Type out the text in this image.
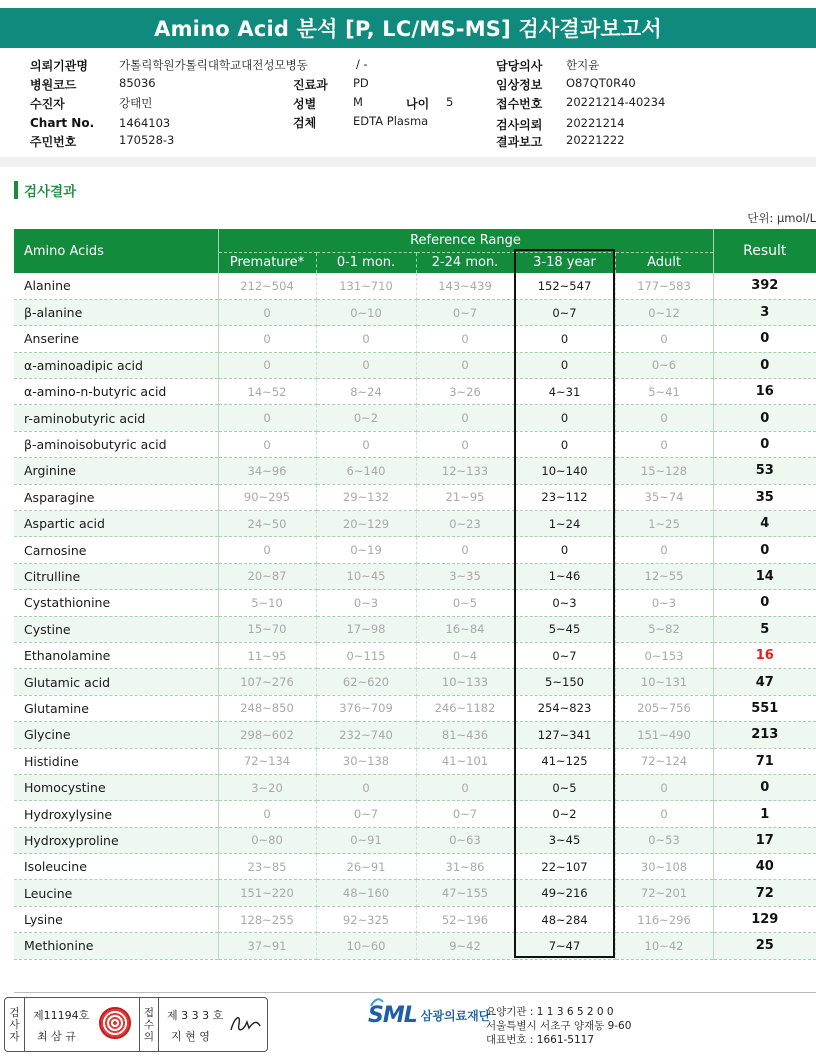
Amino Acid 분석 [P, LC/MS-MS] 검사결과보고서
의뢰기관명	가톨릭학원가톨릭대학교대전성모병동	/ -	담당의사 한지윤
병원코드	85036	진료과 PD	임상정보 O87QT0R40
수진자	강태민	성별	M	나이 5	접수번호 20221214-40234
Chart No. 1464103	검체	EDTA Plasma	검사의뢰 20221214
주민번호	170528-3	결과보고 20221222
검사결과
단위: μmol/L
Amino Acids	Reference Range					Result
	Premature*	0-1 mon.	2-24 mon.	3-18 year	Adult	
Alanine	212~504	131~710	143~439	152~547	177~583	392
β-alanine	0	0~10	0~7	0~7	0~12	3
Anserine	0	0	0	0	0	0
α-aminoadipic acid	0	0	0	0	0~6	0
α-amino-n-butyric acid	14~52	8~24	3~26	4~31	5~41	16
r-aminobutyric acid	0	0~2	0	0	0	0
β-aminoisobutyric acid	0	0	0	0	0	0
Arginine	34~96	6~140	12~133	10~140	15~128	53
Asparagine	90~295	29~132	21~95	23~112	35~74	35
Aspartic acid	24~50	20~129	0~23	1~24	1~25	4
Carnosine	0	0~19	0	0	0	0
Citrulline	20~87	10~45	3~35	1~46	12~55	14
Cystathionine	5~10	0~3	0~5	0~3	0~3	0
Cystine	15~70	17~98	16~84	5~45	5~82	5
Ethanolamine	11~95	0~115	0~4	0~7	0~153	16
Glutamic acid	107~276	62~620	10~133	5~150	10~131	47
Glutamine	248~850	376~709	246~1182	254~823	205~756	551
Glycine	298~602	232~740	81~436	127~341	151~490	213
Histidine	72~134	30~138	41~101	41~125	72~124	71
Homocystine	3~20	0	0	0~5	0	0
Hydroxylysine	0	0~7	0~7	0~2	0	1
Hydroxyproline	0~80	0~91	0~63	3~45	0~53	17
Isoleucine	23~85	26~91	31~86	22~107	30~108	40
Leucine	151~220	48~160	47~155	49~216	72~201	72
Lysine	128~255	92~325	52~196	48~284	116~296	129
Methionine	37~91	10~60	9~42	7~47	10~42	25
검
사
자
제11194호
최 삼 규
접
수
의
제 3 3 3 호
지 현 영
SML 삼광의료재단
요양기관 : 1 1 3 6 5 2 0 0
서울특별시 서초구 양재동 9-60
대표번호 : 1661-5117
